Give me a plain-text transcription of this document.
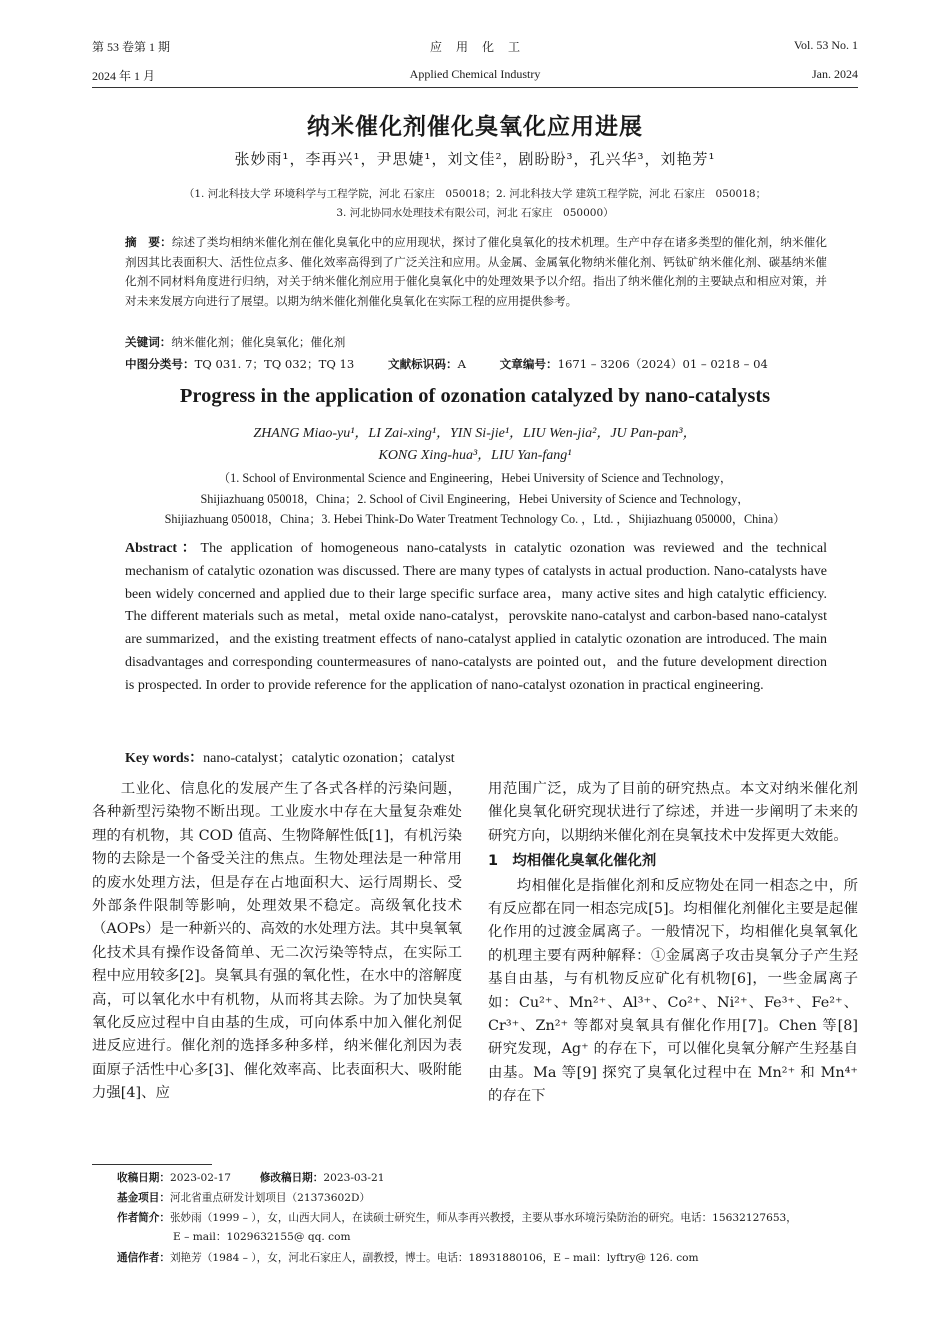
第 53 卷第 1 期	应用化工	Vol. 53 No. 1
2024 年 1 月	Applied Chemical Industry	Jan. 2024
纳米催化剂催化臭氧化应用进展
张妙雨¹，李再兴¹，尹思婕¹，刘文佳²，剧盼盼³，孔兴华³，刘艳芳¹
（1. 河北科技大学 环境科学与工程学院，河北 石家庄　050018；2. 河北科技大学 建筑工程学院，河北 石家庄　050018；
3. 河北协同水处理技术有限公司，河北 石家庄　050000）
摘　要：综述了类均相纳米催化剂在催化臭氧化中的应用现状，探讨了催化臭氧化的技术机理。生产中存在诸多类型的催化剂，纳米催化剂因其比表面积大、活性位点多、催化效率高得到了广泛关注和应用。从金属、金属氧化物纳米催化剂、钙钛矿纳米催化剂、碳基纳米催化剂不同材料角度进行归纳，对关于纳米催化剂应用于催化臭氧化中的处理效果予以介绍。指出了纳米催化剂的主要缺点和相应对策，并对未来发展方向进行了展望。以期为纳米催化剂催化臭氧化在实际工程的应用提供参考。
关键词：纳米催化剂；催化臭氧化；催化剂
中图分类号：TQ 031. 7；TQ 032；TQ 13	文献标识码：A	文章编号：1671 – 3206（2024）01 – 0218 – 04
Progress in the application of ozonation catalyzed by nano-catalysts
ZHANG Miao-yu¹，LI Zai-xing¹，YIN Si-jie¹，LIU Wen-jia²，JU Pan-pan³，
KONG Xing-hua³，LIU Yan-fang¹
（1. School of Environmental Science and Engineering，Hebei University of Science and Technology，
Shijiazhuang 050018，China；2. School of Civil Engineering，Hebei University of Science and Technology，
Shijiazhuang 050018，China；3. Hebei Think-Do Water Treatment Technology Co. ，Ltd. ，Shijiazhuang 050000，China）
Abstract：The application of homogeneous nano-catalysts in catalytic ozonation was reviewed and the technical mechanism of catalytic ozonation was discussed. There are many types of catalysts in actual production. Nano-catalysts have been widely concerned and applied due to their large specific surface area，many active sites and high catalytic efficiency. The different materials such as metal，metal oxide nano-catalyst，perovskite nano-catalyst and carbon-based nano-catalyst are summarized，and the existing treatment effects of nano-catalyst applied in catalytic ozonation are introduced. The main disadvantages and corresponding countermeasures of nano-catalysts are pointed out，and the future development direction is prospected. In order to provide reference for the application of nano-catalyst ozonation in practical engineering.
Key words：nano-catalyst；catalytic ozonation；catalyst

工业化、信息化的发展产生了各式各样的污染问题，各种新型污染物不断出现。工业废水中存在大量复杂难处理的有机物，其 COD 值高、生物降解性低[1]，有机污染物的去除是一个备受关注的焦点。生物处理法是一种常用的废水处理方法，但是存在占地面积大、运行周期长、受外部条件限制等影响，处理效果不稳定。高级氧化技术（AOPs）是一种新兴的、高效的水处理方法。其中臭氧氧化技术具有操作设备简单、无二次污染等特点，在实际工程中应用较多[2]。臭氧具有强的氧化性，在水中的溶解度高，可以氧化水中有机物，从而将其去除。为了加快臭氧氧化反应过程中自由基的生成，可向体系中加入催化剂促进反应进行。催化剂的选择多种多样，纳米催化剂因为表面原子活性中心多[3]、催化效率高、比表面积大、吸附能力强[4]、应

用范围广泛，成为了目前的研究热点。本文对纳米催化剂催化臭氧化研究现状进行了综述，并进一步阐明了未来的研究方向，以期纳米催化剂在臭氧技术中发挥更大效能。

1　均相催化臭氧化催化剂

均相催化是指催化剂和反应物处在同一相态之中，所有反应都在同一相态完成[5]。均相催化剂催化主要是起催化作用的过渡金属离子。一般情况下，均相催化臭氧氧化的机理主要有两种解释：①金属离子攻击臭氧分子产生羟基自由基，与有机物反应矿化有机物[6]，一些金属离子如：Cu²⁺、Mn²⁺、Al³⁺、Co²⁺、Ni²⁺、Fe³⁺、Fe²⁺、Cr³⁺、Zn²⁺ 等都对臭氧具有催化作用[7]。Chen 等[8] 研究发现，Ag⁺ 的存在下，可以催化臭氧分解产生羟基自由基。Ma 等[9] 探究了臭氧化过程中在 Mn²⁺ 和 Mn⁴⁺ 的存在下

收稿日期：2023-02-17	修改稿日期：2023-03-21
基金项目：河北省重点研发计划项目（21373602D）
作者简介：张妙雨（1999 – ），女，山西大同人，在读硕士研究生，师从李再兴教授，主要从事水环境污染防治的研究。电话：15632127653，
E – mail：1029632155@ qq. com
通信作者：刘艳芳（1984 – ），女，河北石家庄人，副教授，博士。电话：18931880106，E – mail：lyftry@ 126. com
